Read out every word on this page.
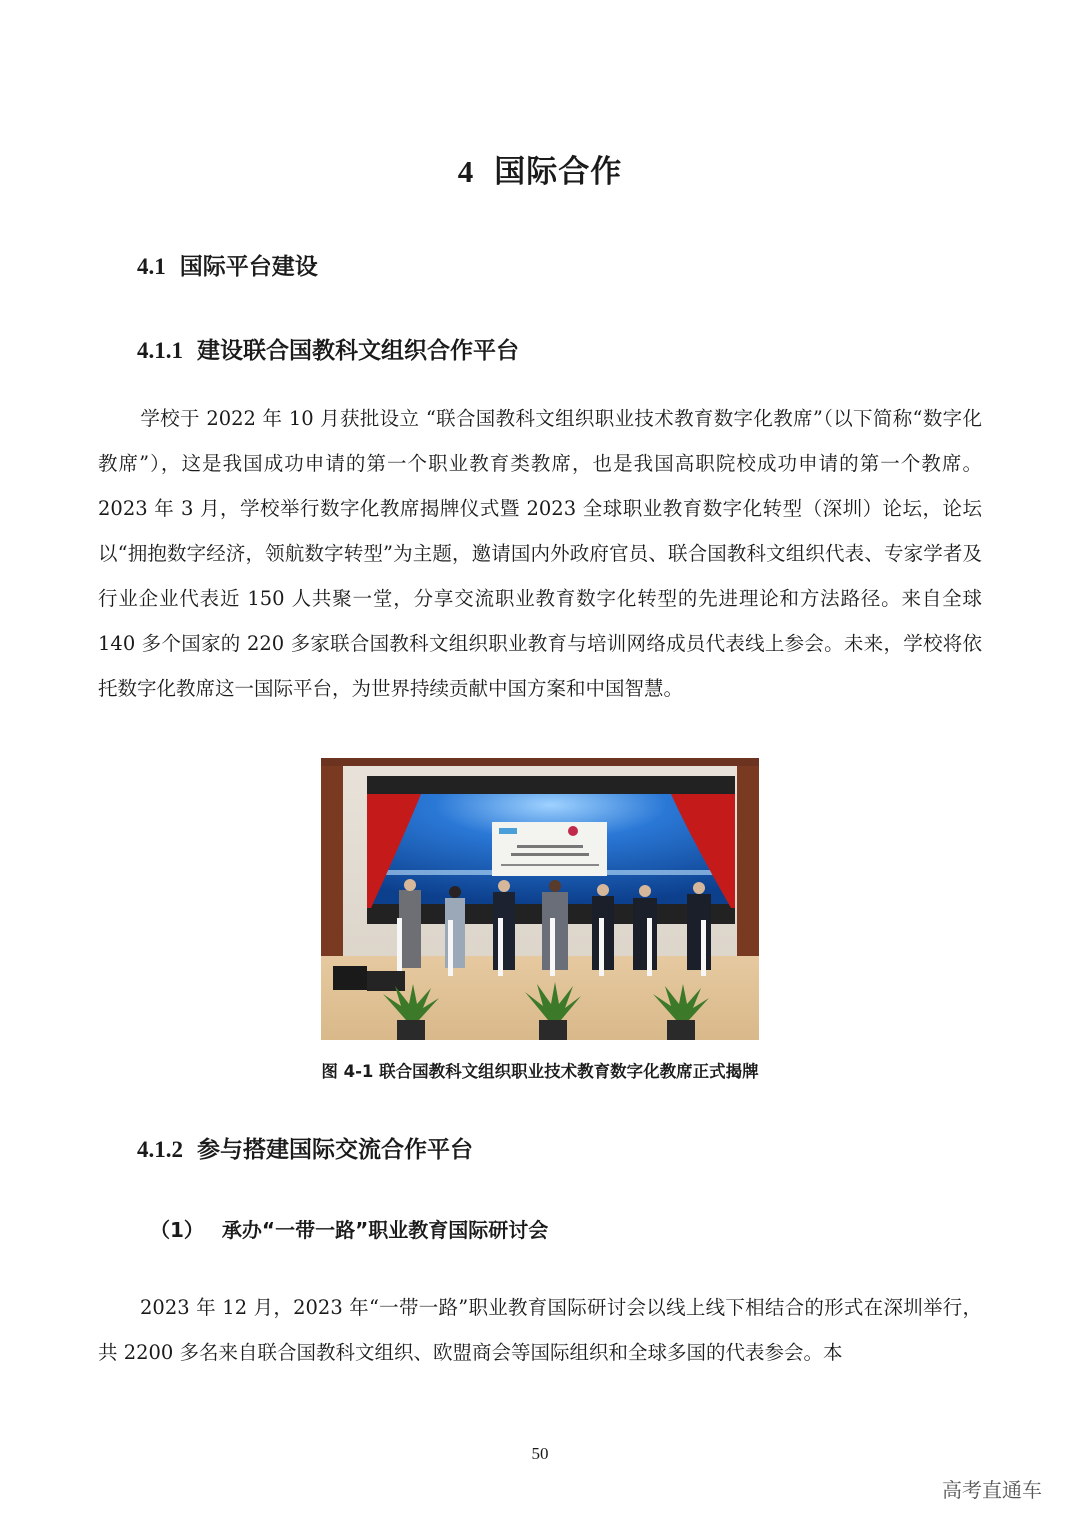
4 国际合作
4.1 国际平台建设
4.1.1 建设联合国教科文组织合作平台
学校于 2022 年 10 月获批设立 “联合国教科文组织职业技术教育数字化教席”（以下简称“数字化教席”），这是我国成功申请的第一个职业教育类教席，也是我国高职院校成功申请的第一个教席。2023 年 3 月，学校举行数字化教席揭牌仪式暨 2023 全球职业教育数字化转型（深圳）论坛，论坛以“拥抱数字经济，领航数字转型”为主题，邀请国内外政府官员、联合国教科文组织代表、专家学者及行业企业代表近 150 人共聚一堂，分享交流职业教育数字化转型的先进理论和方法路径。来自全球 140 多个国家的 220 多家联合国教科文组织职业教育与培训网络成员代表线上参会。未来，学校将依托数字化教席这一国际平台，为世界持续贡献中国方案和中国智慧。
图 4-1 联合国教科文组织职业技术教育数字化教席正式揭牌
4.1.2 参与搭建国际交流合作平台
（1） 承办“一带一路”职业教育国际研讨会
2023 年 12 月，2023 年“一带一路”职业教育国际研讨会以线上线下相结合的形式在深圳举行，共 2200 多名来自联合国教科文组织、欧盟商会等国际组织和全球多国的代表参会。本
50
高考直通车
